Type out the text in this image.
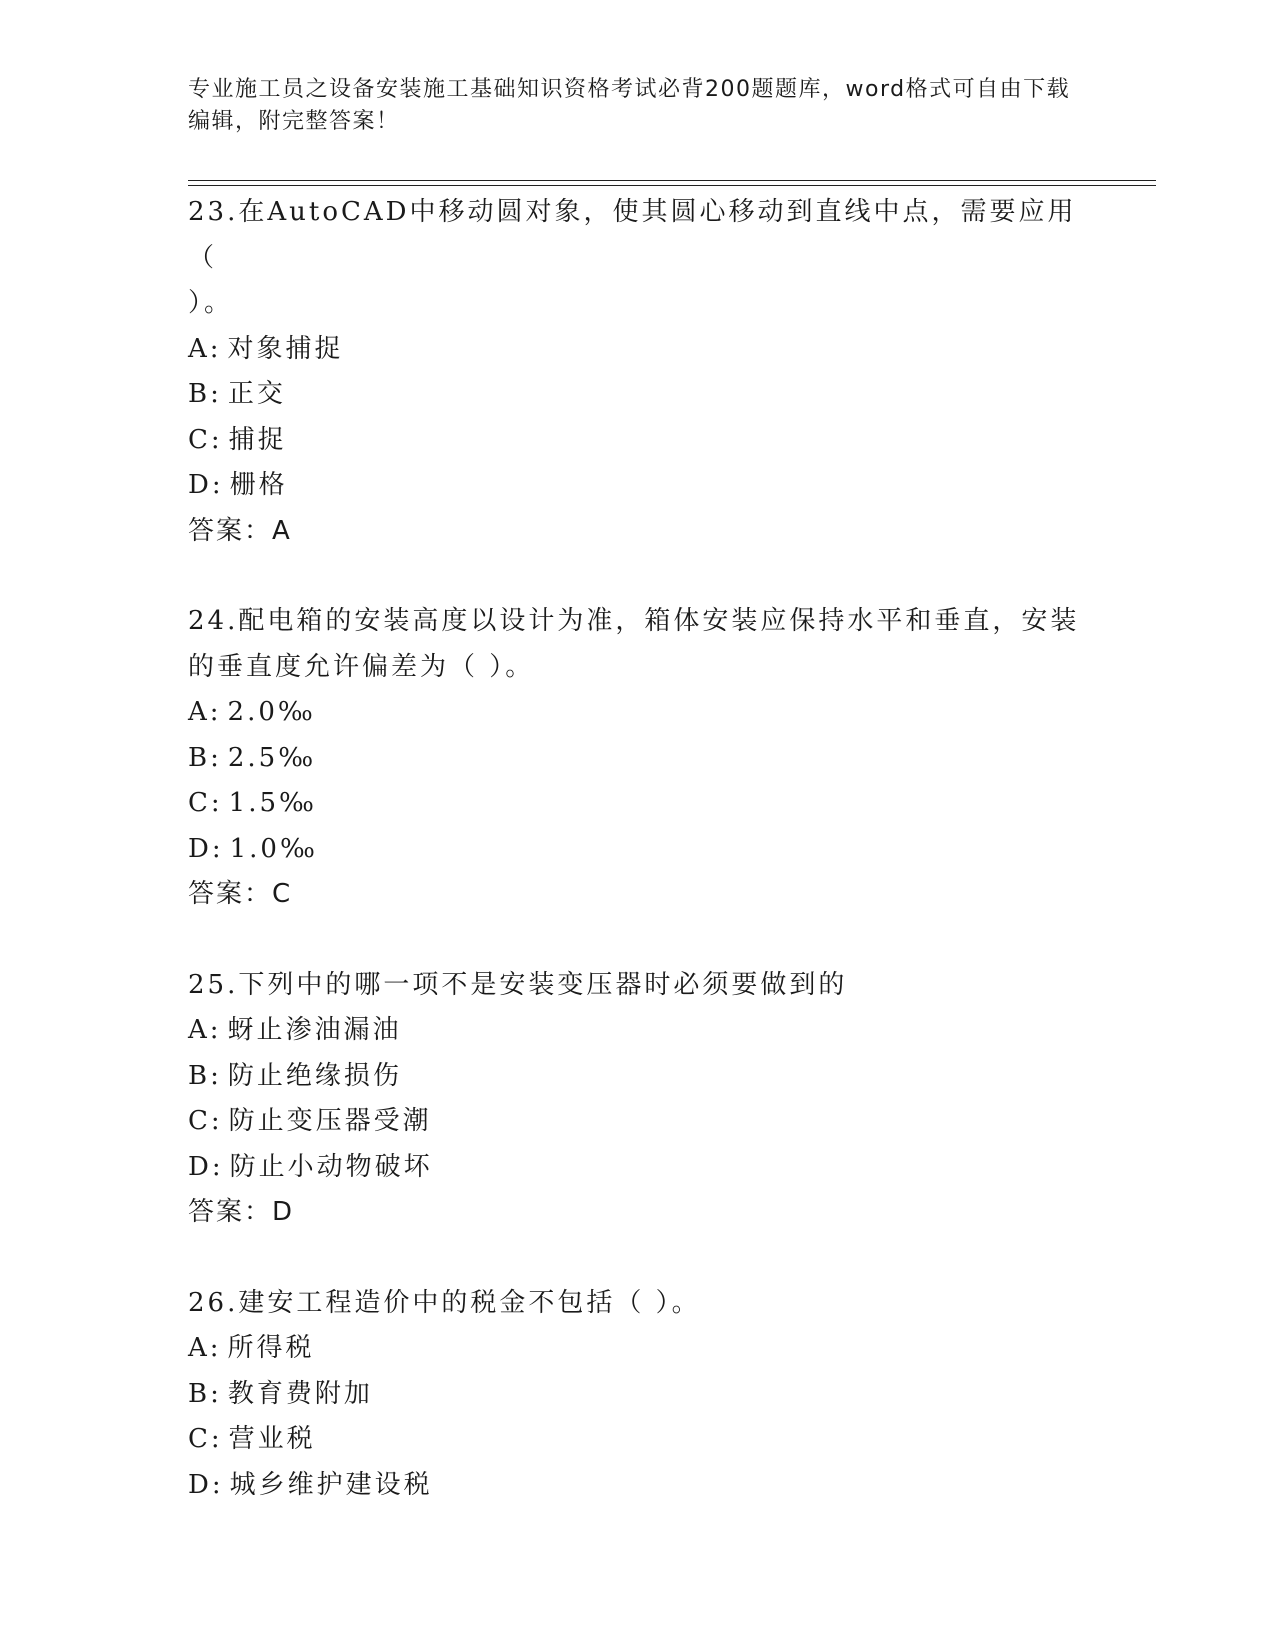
专业施工员之设备安装施工基础知识资格考试必背200题题库，word格式可自由下载编辑，附完整答案！

23.在AutoCAD中移动圆对象，使其圆心移动到直线中点，需要应用（

）。

A: 对象捕捉

B: 正交

C: 捕捉

D: 栅格

答案：A

24.配电箱的安装高度以设计为准，箱体安装应保持水平和垂直，安装

的垂直度允许偏差为（ ）。

A: 2.0‰

B: 2.5‰

C: 1.5‰

D: 1.0‰

答案：C

25.下列中的哪一项不是安装变压器时必须要做到的

A: 蚜止渗油漏油

B: 防止绝缘损伤

C: 防止变压器受潮

D: 防止小动物破坏

答案：D

26.建安工程造价中的税金不包括（ ）。

A: 所得税

B: 教育费附加

C: 营业税

D: 城乡维护建设税
